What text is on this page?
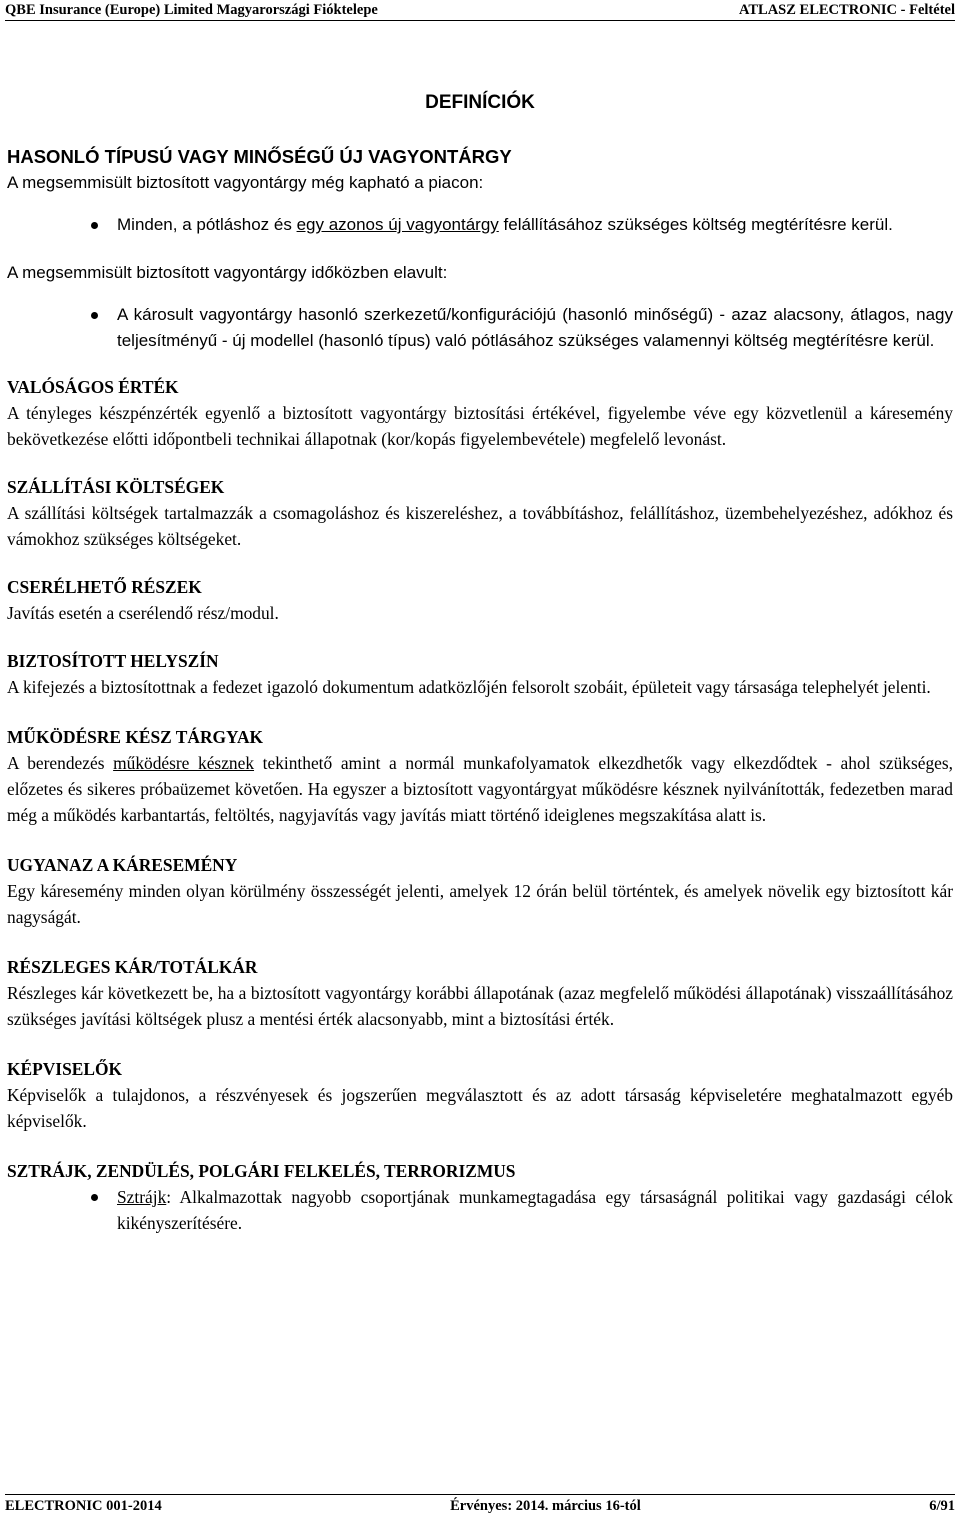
QBE Insurance (Europe) Limited Magyarországi Fióktelepe	ATLASZ ELECTRONIC - Feltétel
DEFINÍCIÓK

HASONLÓ TÍPUSÚ VAGY MINŐSÉGŰ ÚJ VAGYONTÁRGY

A megsemmisült biztosított vagyontárgy még kapható a piacon:

Minden, a pótláshoz és egy azonos új vagyontárgy felállításához szükséges költség megtérítésre kerül.

A megsemmisült biztosított vagyontárgy időközben elavult:

A károsult vagyontárgy hasonló szerkezetű/konfigurációjú (hasonló minőségű) - azaz alacsony, átlagos, nagy teljesítményű - új modellel (hasonló típus) való pótlásához szükséges valamennyi költség megtérítésre kerül.

VALÓSÁGOS ÉRTÉK

A tényleges készpénzérték egyenlő a biztosított vagyontárgy biztosítási értékével, figyelembe véve egy közvetlenül a káresemény bekövetkezése előtti időpontbeli technikai állapotnak (kor/kopás figyelembevétele) megfelelő levonást.

SZÁLLÍTÁSI KÖLTSÉGEK

A szállítási költségek tartalmazzák a csomagoláshoz és kiszereléshez, a továbbításhoz, felállításhoz, üzembehelyezéshez, adókhoz és vámokhoz szükséges költségeket.

CSERÉLHETŐ RÉSZEK

Javítás esetén a cserélendő rész/modul.

BIZTOSÍTOTT HELYSZÍN

A kifejezés a biztosítottnak a fedezet igazoló dokumentum adatközlőjén felsorolt szobáit, épületeit vagy társasága telephelyét jelenti.

MŰKÖDÉSRE KÉSZ TÁRGYAK

A berendezés működésre késznek tekinthető amint a normál munkafolyamatok elkezdhetők vagy elkezdődtek - ahol szükséges, előzetes és sikeres próbaüzemet követően. Ha egyszer a biztosított vagyontárgyat működésre késznek nyilvánították, fedezetben marad még a működés karbantartás, feltöltés, nagyjavítás vagy javítás miatt történő ideiglenes megszakítása alatt is.

UGYANAZ A KÁRESEMÉNY

Egy káresemény minden olyan körülmény összességét jelenti, amelyek 12 órán belül történtek, és amelyek növelik egy biztosított kár nagyságát.

RÉSZLEGES KÁR/TOTÁLKÁR

Részleges kár következett be, ha a biztosított vagyontárgy korábbi állapotának (azaz megfelelő működési állapotának) visszaállításához szükséges javítási költségek plusz a mentési érték alacsonyabb, mint a biztosítási érték.

KÉPVISELŐK

Képviselők a tulajdonos, a részvényesek és jogszerűen megválasztott és az adott társaság képviseletére meghatalmazott egyéb képviselők.

SZTRÁJK, ZENDÜLÉS, POLGÁRI FELKELÉS, TERRORIZMUS

Sztrájk: Alkalmazottak nagyobb csoportjának munkamegtagadása egy társaságnál politikai vagy gazdasági célok kikényszerítésére.

ELECTRONIC 001-2014	Érvényes: 2014. március 16-tól	6/91
